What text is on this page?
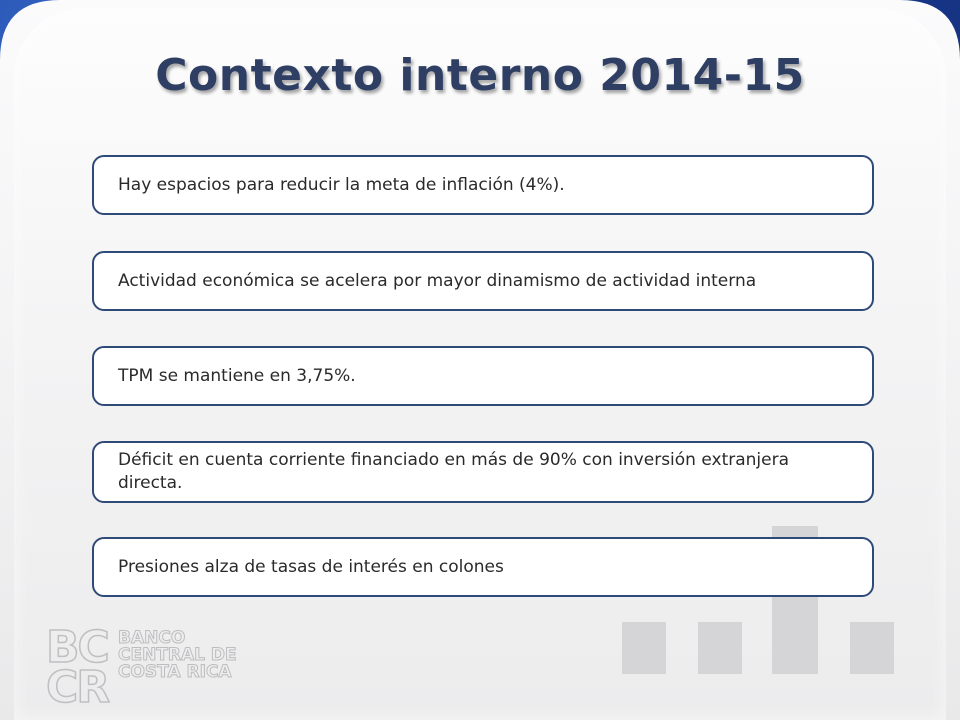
Contexto interno 2014-15
Hay espacios para reducir la meta de inflación (4%).
Actividad económica se acelera por mayor dinamismo de actividad interna
TPM se mantiene en 3,75%.
Déficit en cuenta corriente financiado en más de 90% con inversión extranjera directa.
Presiones alza de tasas de interés en colones
BC
CR
BANCO
CENTRAL DE
COSTA RICA
